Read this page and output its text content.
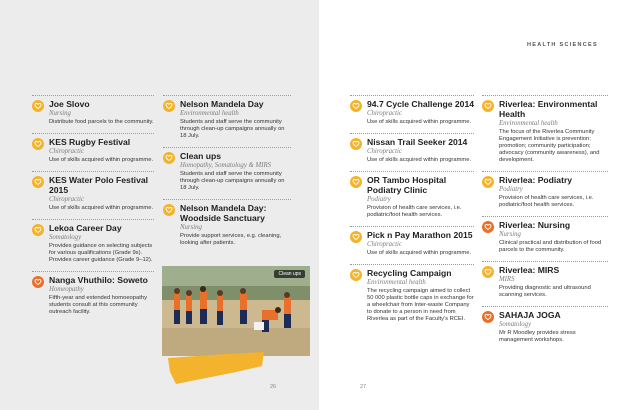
HEALTH SCIENCES
Joe Slovo
Nursing
Distribute food parcels to the community.
KES Rugby Festival
Chiropractic
Use of skills acquired within programme.
KES Water Polo Festival 2015
Chiropractic
Use of skills acquired within programme.
Lekoa Career Day
Somatology
Provides guidance on selecting subjects for various qualifications (Grade 9s). Provides career guidance (Grade 9–12).
Nanga Vhuthilo: Soweto
Homeopathy
Fifth-year and extended homoeopathy students consult at this community outreach facility.
Nelson Mandela Day
Environmental health
Students and staff serve the community through clean-up campaigns annually on 18 July.
Clean ups
Homopathy, Somatology & MIRS
Students and staff serve the community through clean-up campaigns annually on 18 July.
Nelson Mandela Day: Woodside Sanctuary
Nursing
Provide support services, e.g. cleaning, looking after patients.
Clean ups
94.7 Cycle Challenge 2014
Chiropractic
Use of skills acquired within programme.
Nissan Trail Seeker 2014
Chiropractic
Use of skills acquired within programme.
OR Tambo Hospital Podiatry Clinic
Podiatry
Provision of health care services, i.e. podiatric/foot health services.
Pick n Pay Marathon 2015
Chiropractic
Use of skills acquired within programme.
Recycling Campaign
Environmental health
The recycling campaign aimed to collect 50 000 plastic bottle caps in exchange for a wheelchair from Inter-waste Company to donate to a person in need from Riverlea as part of the Faculty's RCEI.
Riverlea: Environmental Health
Environmental health
The focus of the Riverlea Community Engagement Initiative is prevention; promotion; community participation; advocacy (community awareness), and development.
Riverlea: Podiatry
Podiatry
Provision of health care services, i.e. podiatric/foot health services.
Riverlea: Nursing
Nursing
Clinical practical and distribution of food parcels to the community.
Riverlea: MIRS
MIRS
Providing diagnostic and ultrasound scanning services.
SAHAJA JOGA
Somatology
Mr R Moodley provides stress management workshops.
26	27
